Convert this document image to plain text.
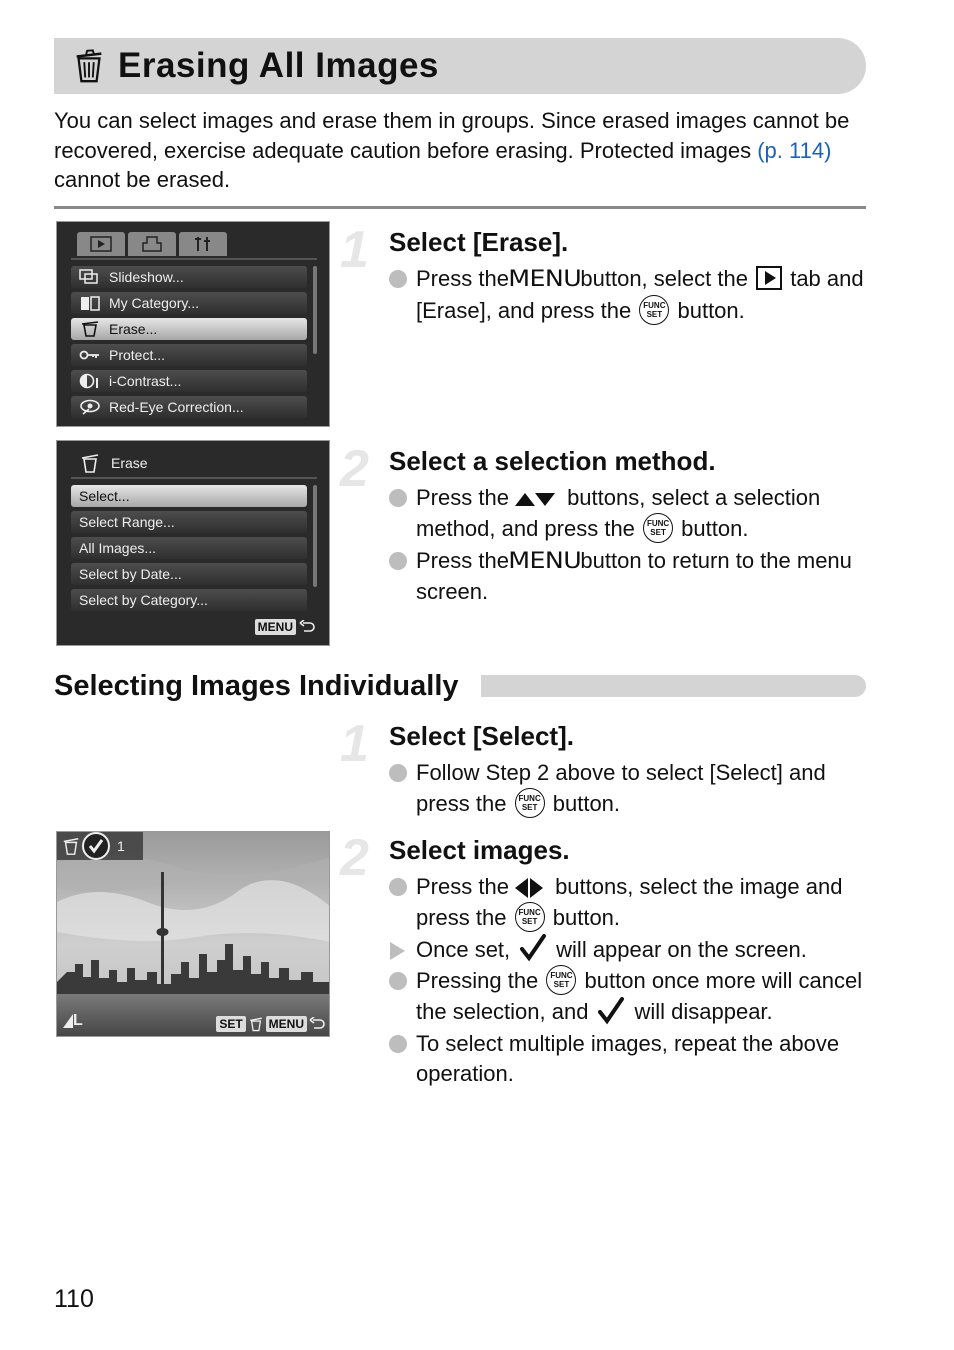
Erasing All Images

You can select images and erase them in groups. Since erased images cannot be recovered, exercise adequate caution before erasing. Protected images (p. 114) cannot be erased.

Slideshow...
My Category...
Erase...
Protect...
i-Contrast...
Red-Eye Correction...
Erase
Select...
Select Range...
All Images...
Select by Date...
Select by Category...
MENU
1
L	SET MENU
1 Select [Erase].
Press theMENUbutton, select the tab and [Erase], and press the FUNC
SET button.
2 Select a selection method.
Press the	buttons, select a selection method, and press the FUNC
SET button.
Press theMENUbutton to return to the menu screen.
Selecting Images Individually
1 Select [Select].
Follow Step 2 above to select [Select] and press the FUNC
SET button.
2 Select images.
Press the buttons, select the image and press the FUNC
SET button.
Once set, will appear on the screen.
Pressing the FUNC
SET button once more will cancel the selection, and will disappear.
To select multiple images, repeat the above operation.
110
